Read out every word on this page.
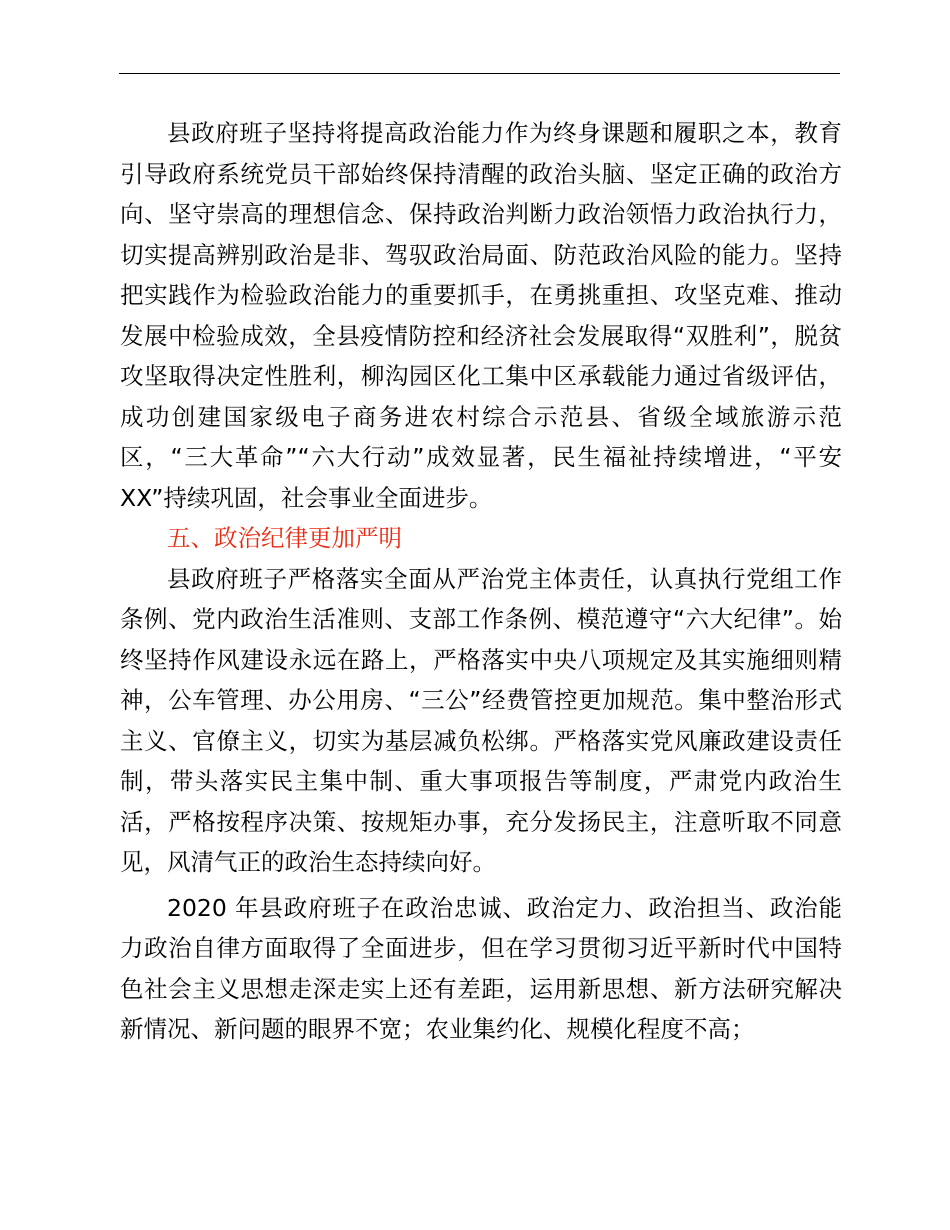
县政府班子坚持将提高政治能力作为终身课题和履职之本，教育引导政府系统党员干部始终保持清醒的政治头脑、坚定正确的政治方向、坚守崇高的理想信念、保持政治判断力政治领悟力政治执行力，切实提高辨别政治是非、驾驭政治局面、防范政治风险的能力。坚持把实践作为检验政治能力的重要抓手，在勇挑重担、攻坚克难、推动发展中检验成效，全县疫情防控和经济社会发展取得“双胜利”，脱贫攻坚取得决定性胜利，柳沟园区化工集中区承载能力通过省级评估，成功创建国家级电子商务进农村综合示范县、省级全域旅游示范区，“三大革命”“六大行动”成效显著，民生福祉持续增进，“平安 XX”持续巩固，社会事业全面进步。

五、政治纪律更加严明

县政府班子严格落实全面从严治党主体责任，认真执行党组工作条例、党内政治生活准则、支部工作条例、模范遵守“六大纪律”。始终坚持作风建设永远在路上，严格落实中央八项规定及其实施细则精神，公车管理、办公用房、“三公”经费管控更加规范。集中整治形式主义、官僚主义，切实为基层减负松绑。严格落实党风廉政建设责任制，带头落实民主集中制、重大事项报告等制度，严肃党内政治生活，严格按程序决策、按规矩办事，充分发扬民主，注意听取不同意见，风清气正的政治生态持续向好。

2020 年县政府班子在政治忠诚、政治定力、政治担当、政治能力政治自律方面取得了全面进步，但在学习贯彻习近平新时代中国特色社会主义思想走深走实上还有差距，运用新思想、新方法研究解决新情况、新问题的眼界不宽；农业集约化、规模化程度不高；
